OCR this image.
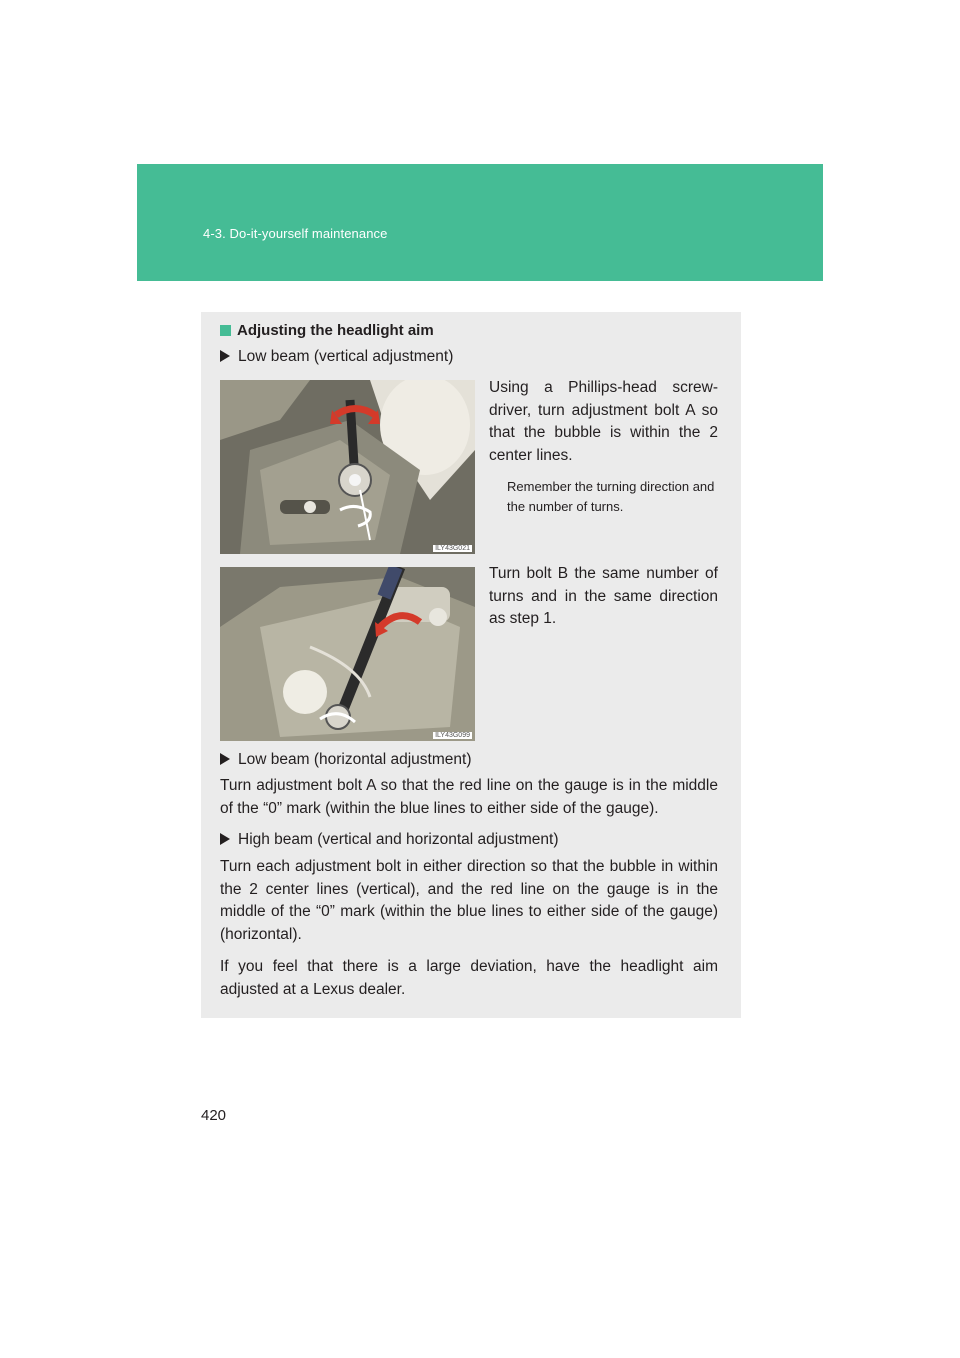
4-3. Do-it-yourself maintenance
Adjusting the headlight aim
Low beam (vertical adjustment)
ILY43G021
Using a Phillips-head screw-driver, turn adjustment bolt A so that the bubble is within the 2 center lines.
Remember the turning direction and the number of turns.
ILY43G099
Turn bolt B the same number of turns and in the same direction as step 1.
Low beam (horizontal adjustment)
Turn adjustment bolt A so that the red line on the gauge is in the middle of the “0” mark (within the blue lines to either side of the gauge).
High beam (vertical and horizontal adjustment)
Turn each adjustment bolt in either direction so that the bubble in within the 2 center lines (vertical), and the red line on the gauge is in the middle of the “0” mark (within the blue lines to either side of the gauge) (horizontal).
If you feel that there is a large deviation, have the headlight aim adjusted at a Lexus dealer.
420
